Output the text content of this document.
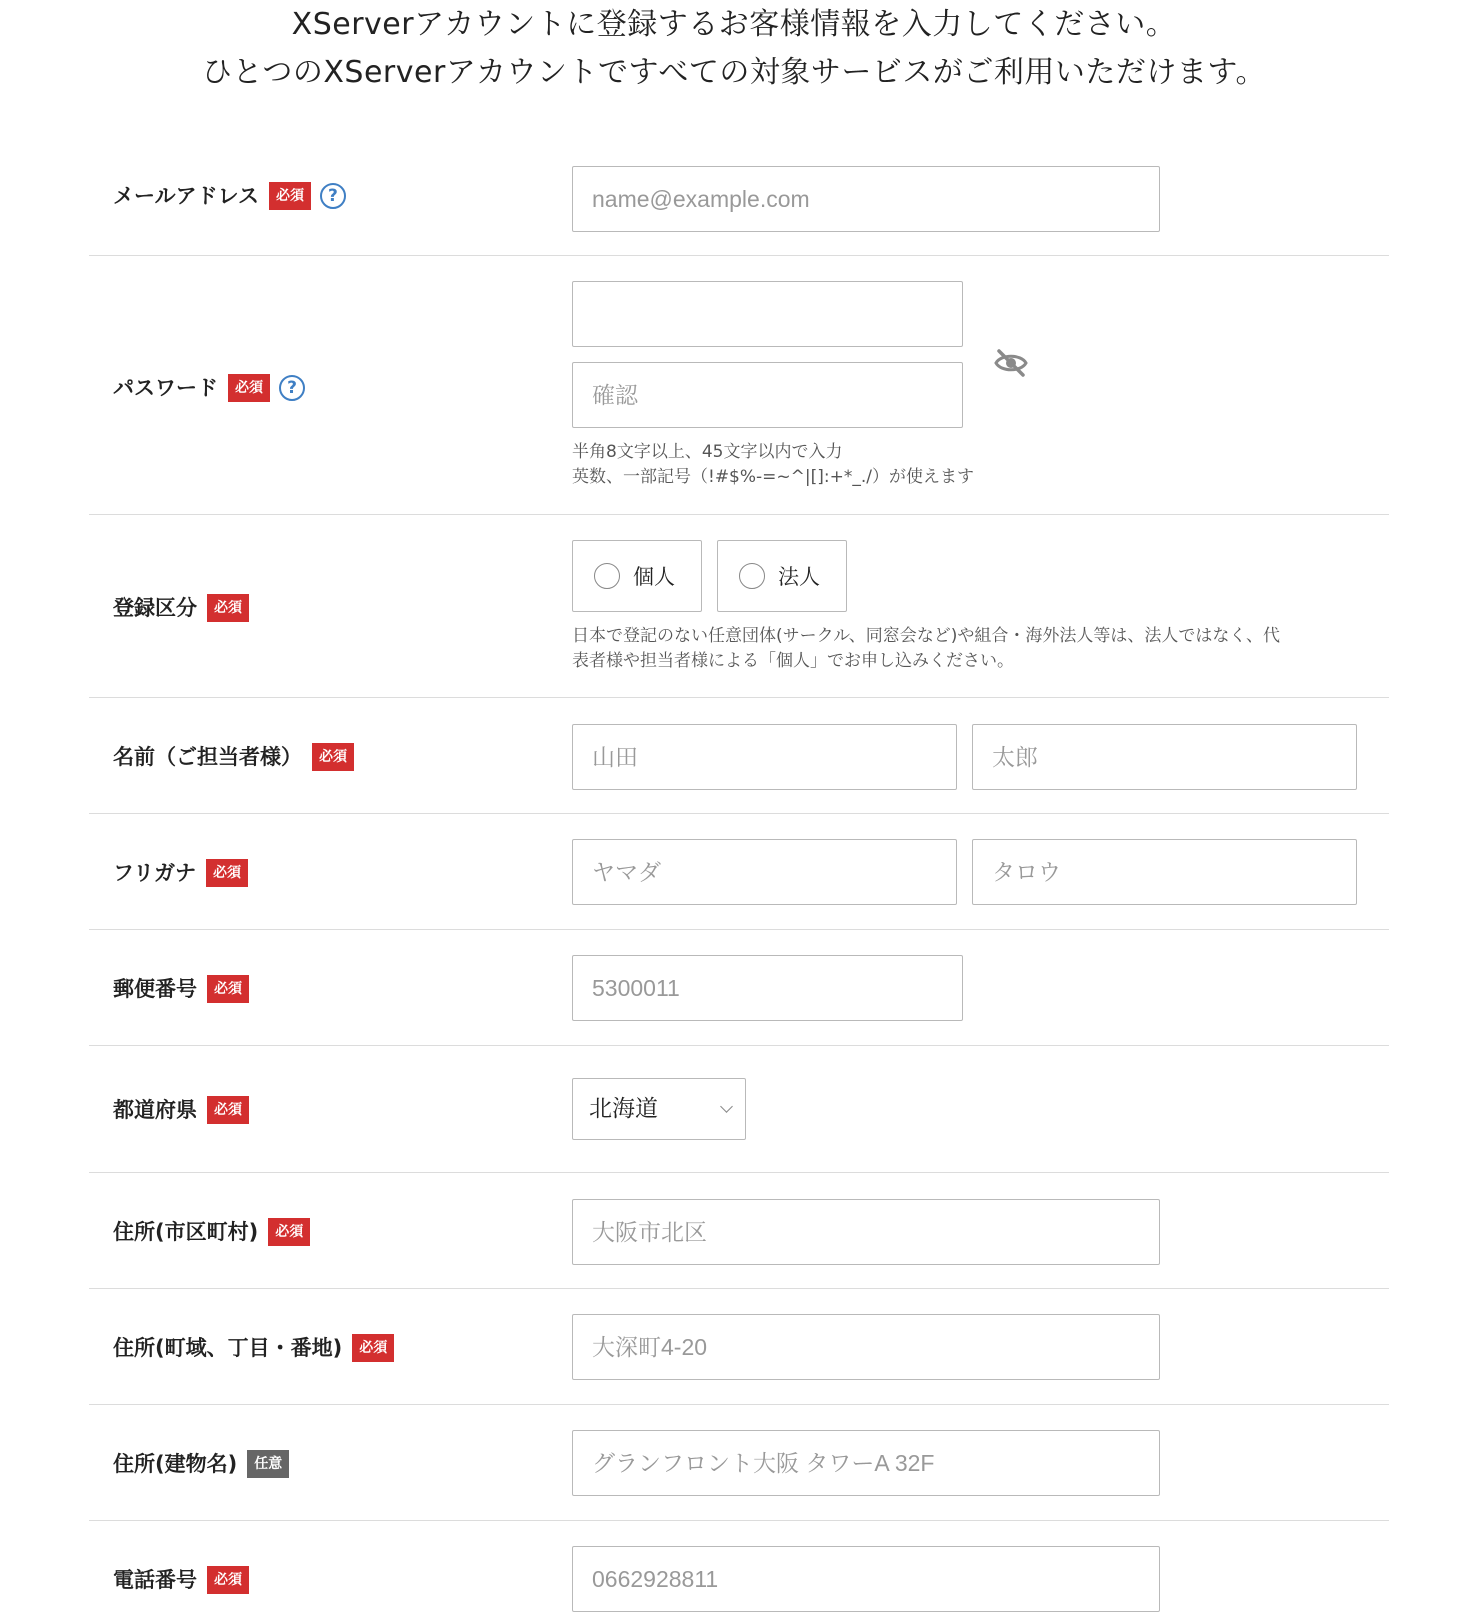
XServerアカウントに登録するお客様情報を入力してください。
ひとつのXServerアカウントですべての対象サービスがご利用いただけます。
メールアドレス	必須	?	name@example.com
パスワード	必須	?	確認
半角8文字以上、45文字以内で入力
英数、一部記号（!#$%-=~^|[]:+*_./）が使えます
登録区分	必須
個人	法人
日本で登記のない任意団体(サークル、同窓会など)や組合・海外法人等は、法人ではなく、代
表者様や担当者様による「個人」でお申し込みください。
名前（ご担当者様）	必須	山田	太郎
フリガナ	必須	ヤマダ	タロウ
郵便番号	必須	5300011
都道府県	必須	北海道
住所(市区町村)	必須	大阪市北区
住所(町域、丁目・番地)	必須	大深町4-20
住所(建物名)	任意	グランフロント大阪 タワーA 32F
電話番号	必須	0662928811
